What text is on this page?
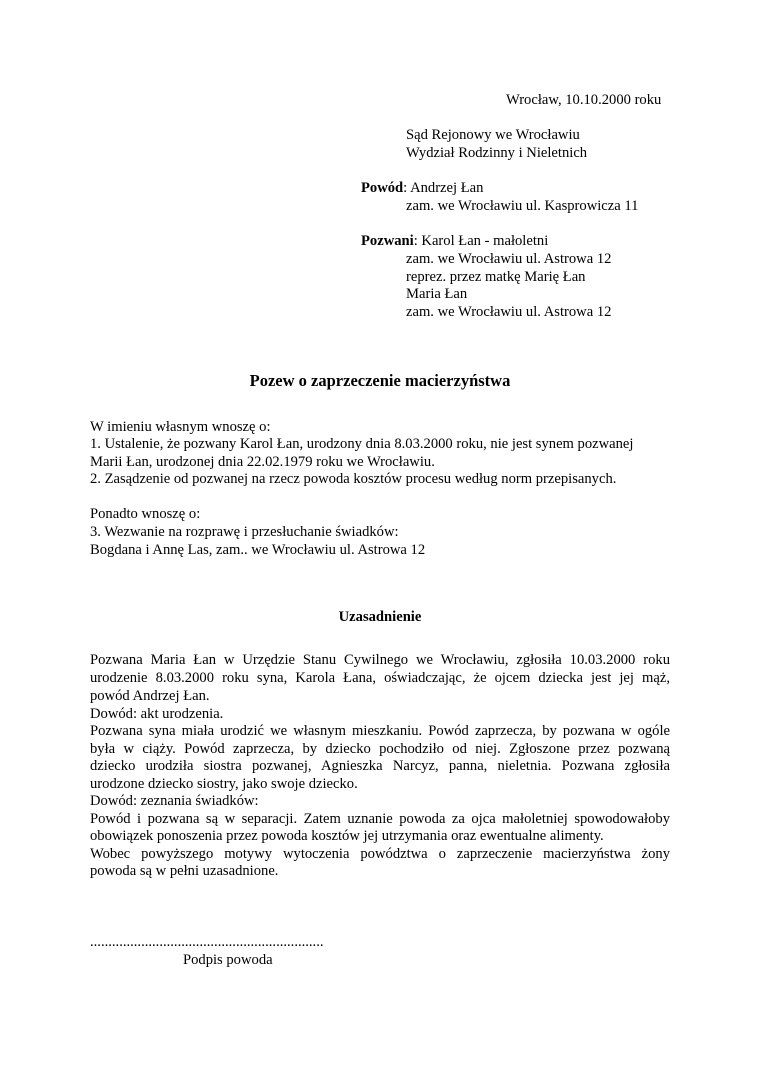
Wrocław, 10.10.2000 roku
Sąd Rejonowy we Wrocławiu
Wydział Rodzinny i Nieletnich
Powód: Andrzej Łan
zam. we Wrocławiu ul. Kasprowicza 11
Pozwani: Karol Łan - małoletni
zam. we Wrocławiu ul. Astrowa 12
reprez. przez matkę Marię Łan
Maria Łan
zam. we Wrocławiu ul. Astrowa 12
Pozew o zaprzeczenie macierzyństwa
W imieniu własnym wnoszę o:
1. Ustalenie, że pozwany Karol Łan, urodzony dnia 8.03.2000 roku, nie jest synem pozwanej
Marii Łan, urodzonej dnia 22.02.1979 roku we Wrocławiu.
2. Zasądzenie od pozwanej na rzecz powoda kosztów procesu według norm przepisanych.
Ponadto wnoszę o:
3. Wezwanie na rozprawę i przesłuchanie świadków:
Bogdana i Annę Las, zam.. we Wrocławiu ul. Astrowa 12
Uzasadnienie
Pozwana Maria Łan w Urzędzie Stanu Cywilnego we Wrocławiu, zgłosiła 10.03.2000 roku
urodzenie 8.03.2000 roku syna, Karola Łana, oświadczając, że ojcem dziecka jest jej mąż,
powód Andrzej Łan.
Dowód: akt urodzenia.
Pozwana syna miała urodzić we własnym mieszkaniu. Powód zaprzecza, by pozwana w ogóle
była w ciąży. Powód zaprzecza, by dziecko pochodziło od niej. Zgłoszone przez pozwaną
dziecko urodziła siostra pozwanej, Agnieszka Narcyz, panna, nieletnia. Pozwana zgłosiła
urodzone dziecko siostry, jako swoje dziecko.
Dowód: zeznania świadków:
Powód i pozwana są w separacji. Zatem uznanie powoda za ojca małoletniej spowodowałoby
obowiązek ponoszenia przez powoda kosztów jej utrzymania oraz ewentualne alimenty.
Wobec powyższego motywy wytoczenia powództwa o zaprzeczenie macierzyństwa żony
powoda są w pełni uzasadnione.
................................................................
Podpis powoda
